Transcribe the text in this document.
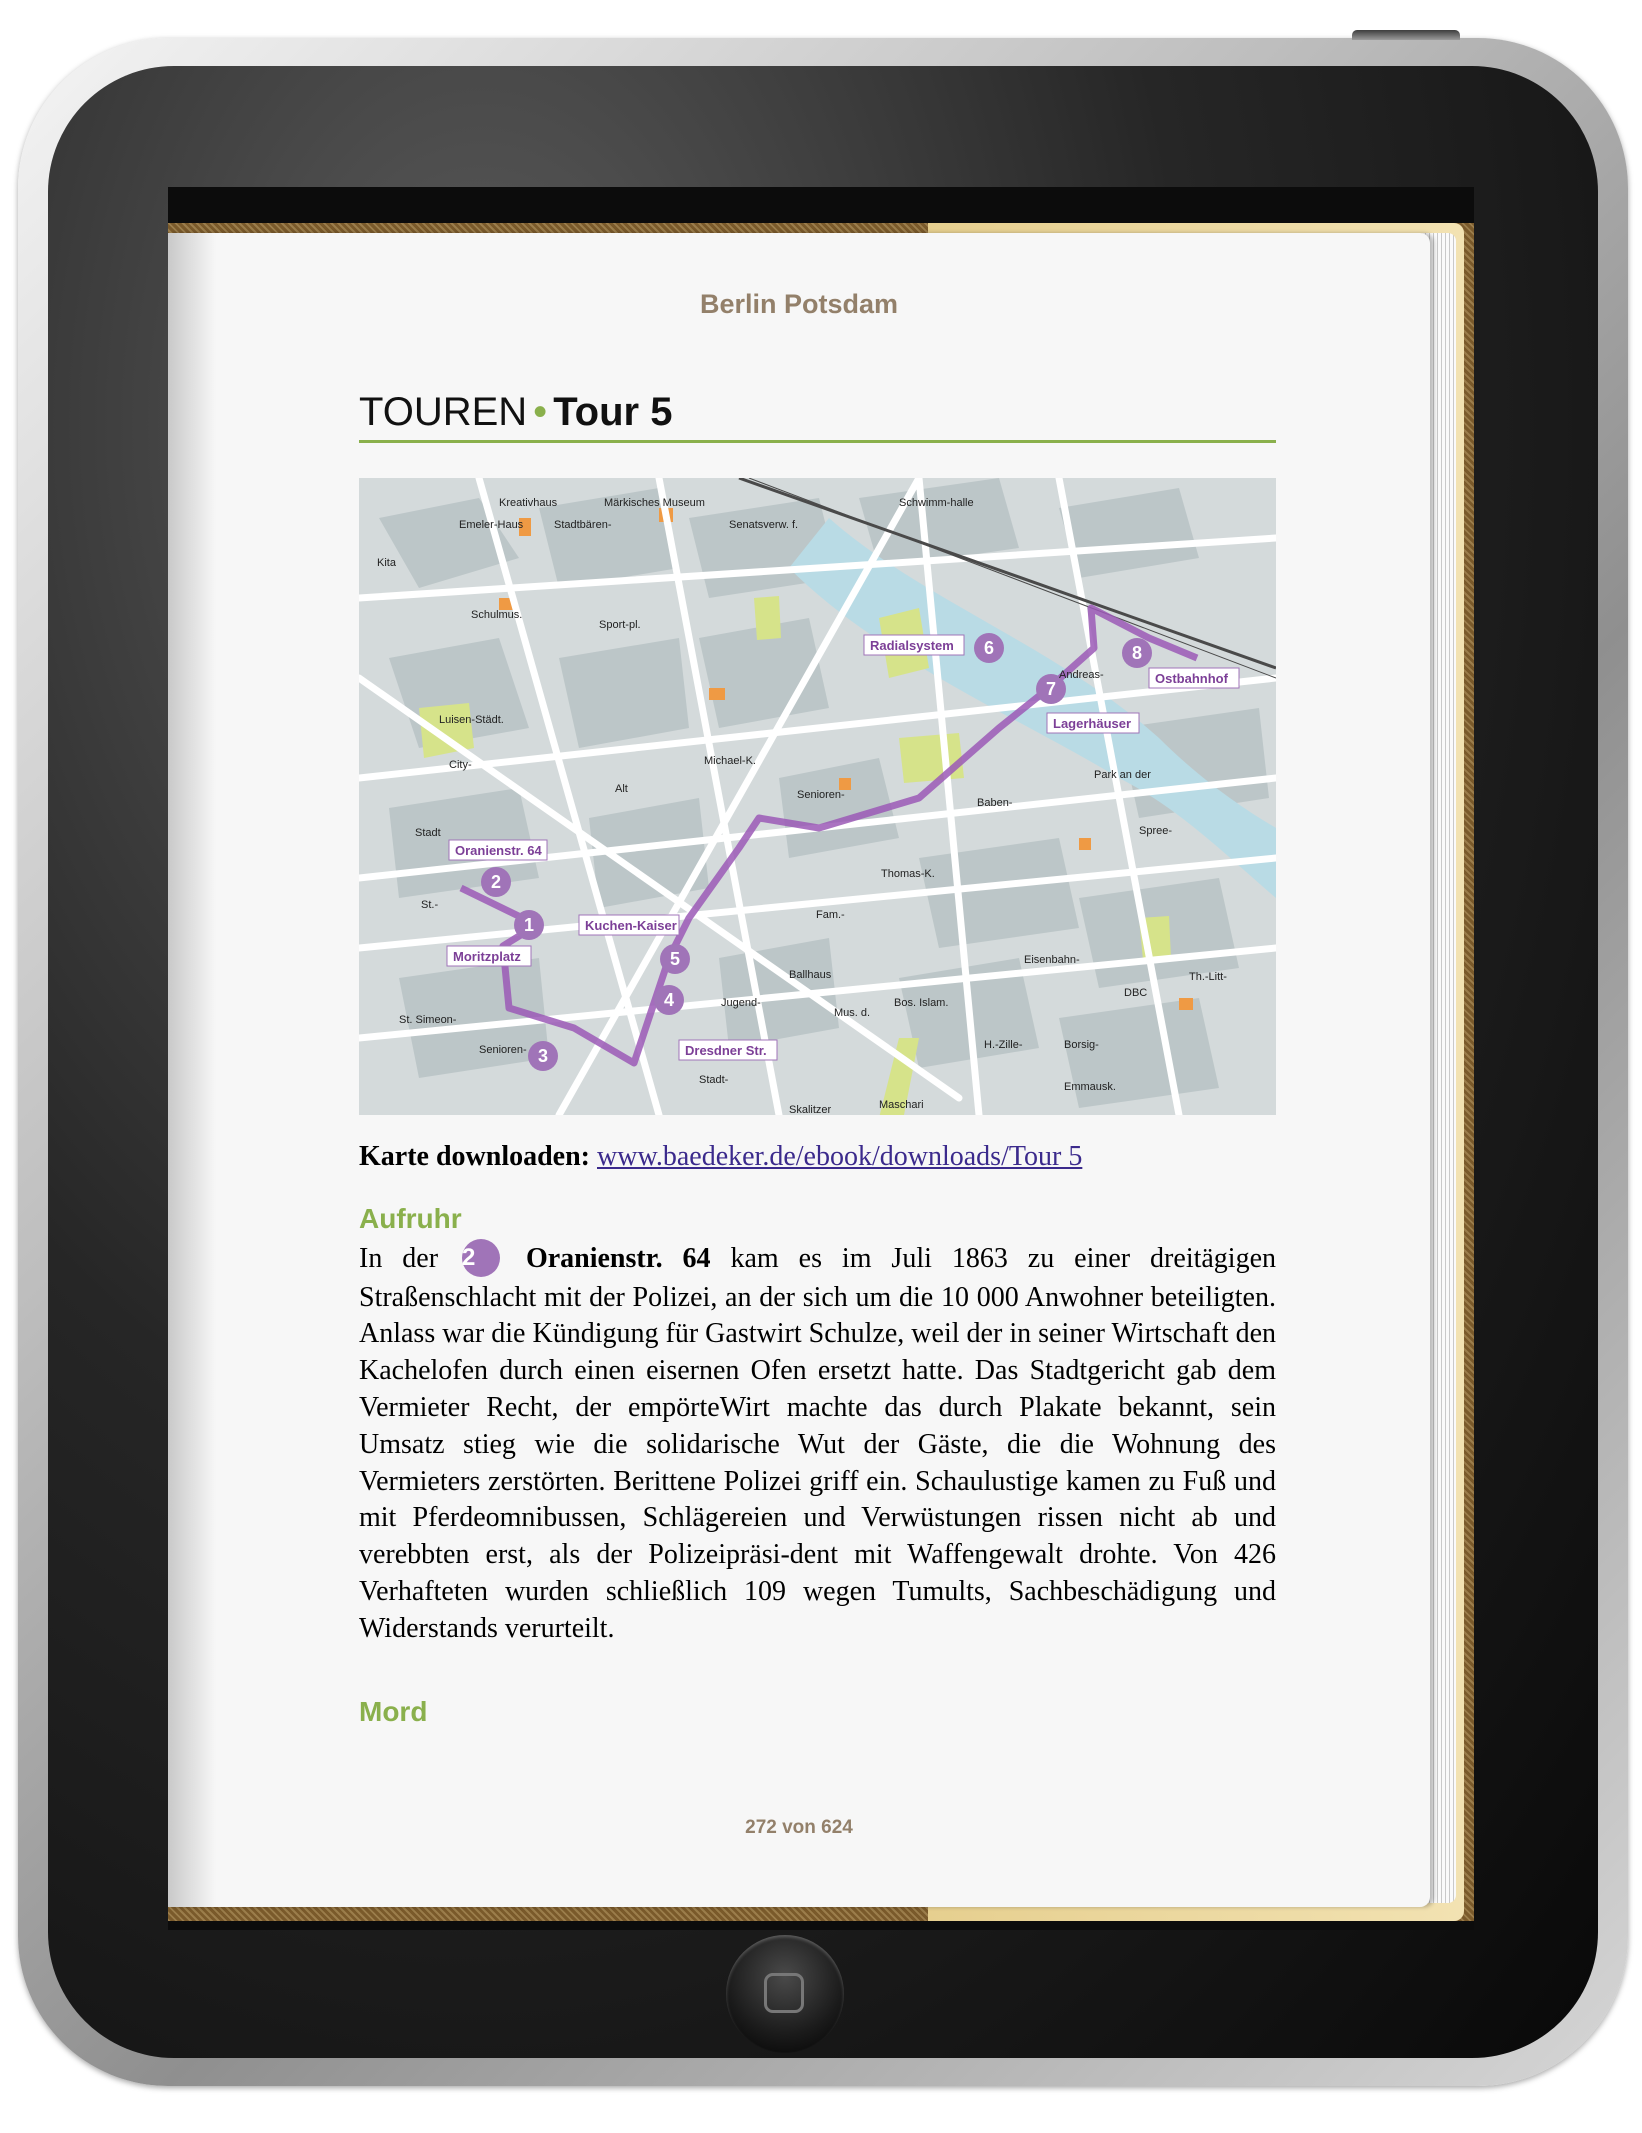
Berlin Potsdam
TOUREN • Tour 5
1
2
3
4
5
6
7
8
Oranienstr. 64
Moritzplatz
Kuchen-Kaiser
Dresdner Str.
Radialsystem
Lagerhäuser
Ostbahnhof
Kreativhaus	Märkisches Museum
Senatsverw. f.
Schwimm-halle
Emeler-Haus	Stadtbären-
Kita
Schulmus.
Sport-pl.
Andreas-
Luisen-Städt.
City-	Michael-K.
Alt	Senioren-
Baben-
Park an der
Spree-
Stadt
St.-
Thomas-K.
Fam.-
Ballhaus
Jugend-
Mus. d.
Bos. Islam.
Eisenbahn-
DBC
Th.-Litt-
St. Simeon-
Senioren-
Stadt-
H.-Zille-	Borsig-
Emmausk.
Maschari
Skalitzer
Karte downloaden: www.baedeker.de/ebook/downloads/Tour 5
Aufruhr
In der 2 Oranienstr. 64 kam es im Juli 1863 zu einer dreitägigen Straßenschlacht mit der Polizei, an der sich um die 10 000 Anwohner beteiligten. Anlass war die Kündigung für Gastwirt Schulze, weil der in seiner Wirtschaft den Kachelofen durch einen eisernen Ofen ersetzt hatte. Das Stadtgericht gab dem Vermieter Recht, der empörteWirt machte das durch Plakate bekannt, sein Umsatz stieg wie die solidarische Wut der Gäste, die die Wohnung des Vermieters zerstörten. Berittene Polizei griff ein. Schaulustige kamen zu Fuß und mit Pferdeomnibussen, Schlägereien und Verwüstungen rissen nicht ab und verebbten erst, als der Polizeipräsi-dent mit Waffengewalt drohte. Von 426 Verhafteten wurden schließlich 109 wegen Tumults, Sachbeschädigung und Widerstands verurteilt.
Mord
272 von 624
